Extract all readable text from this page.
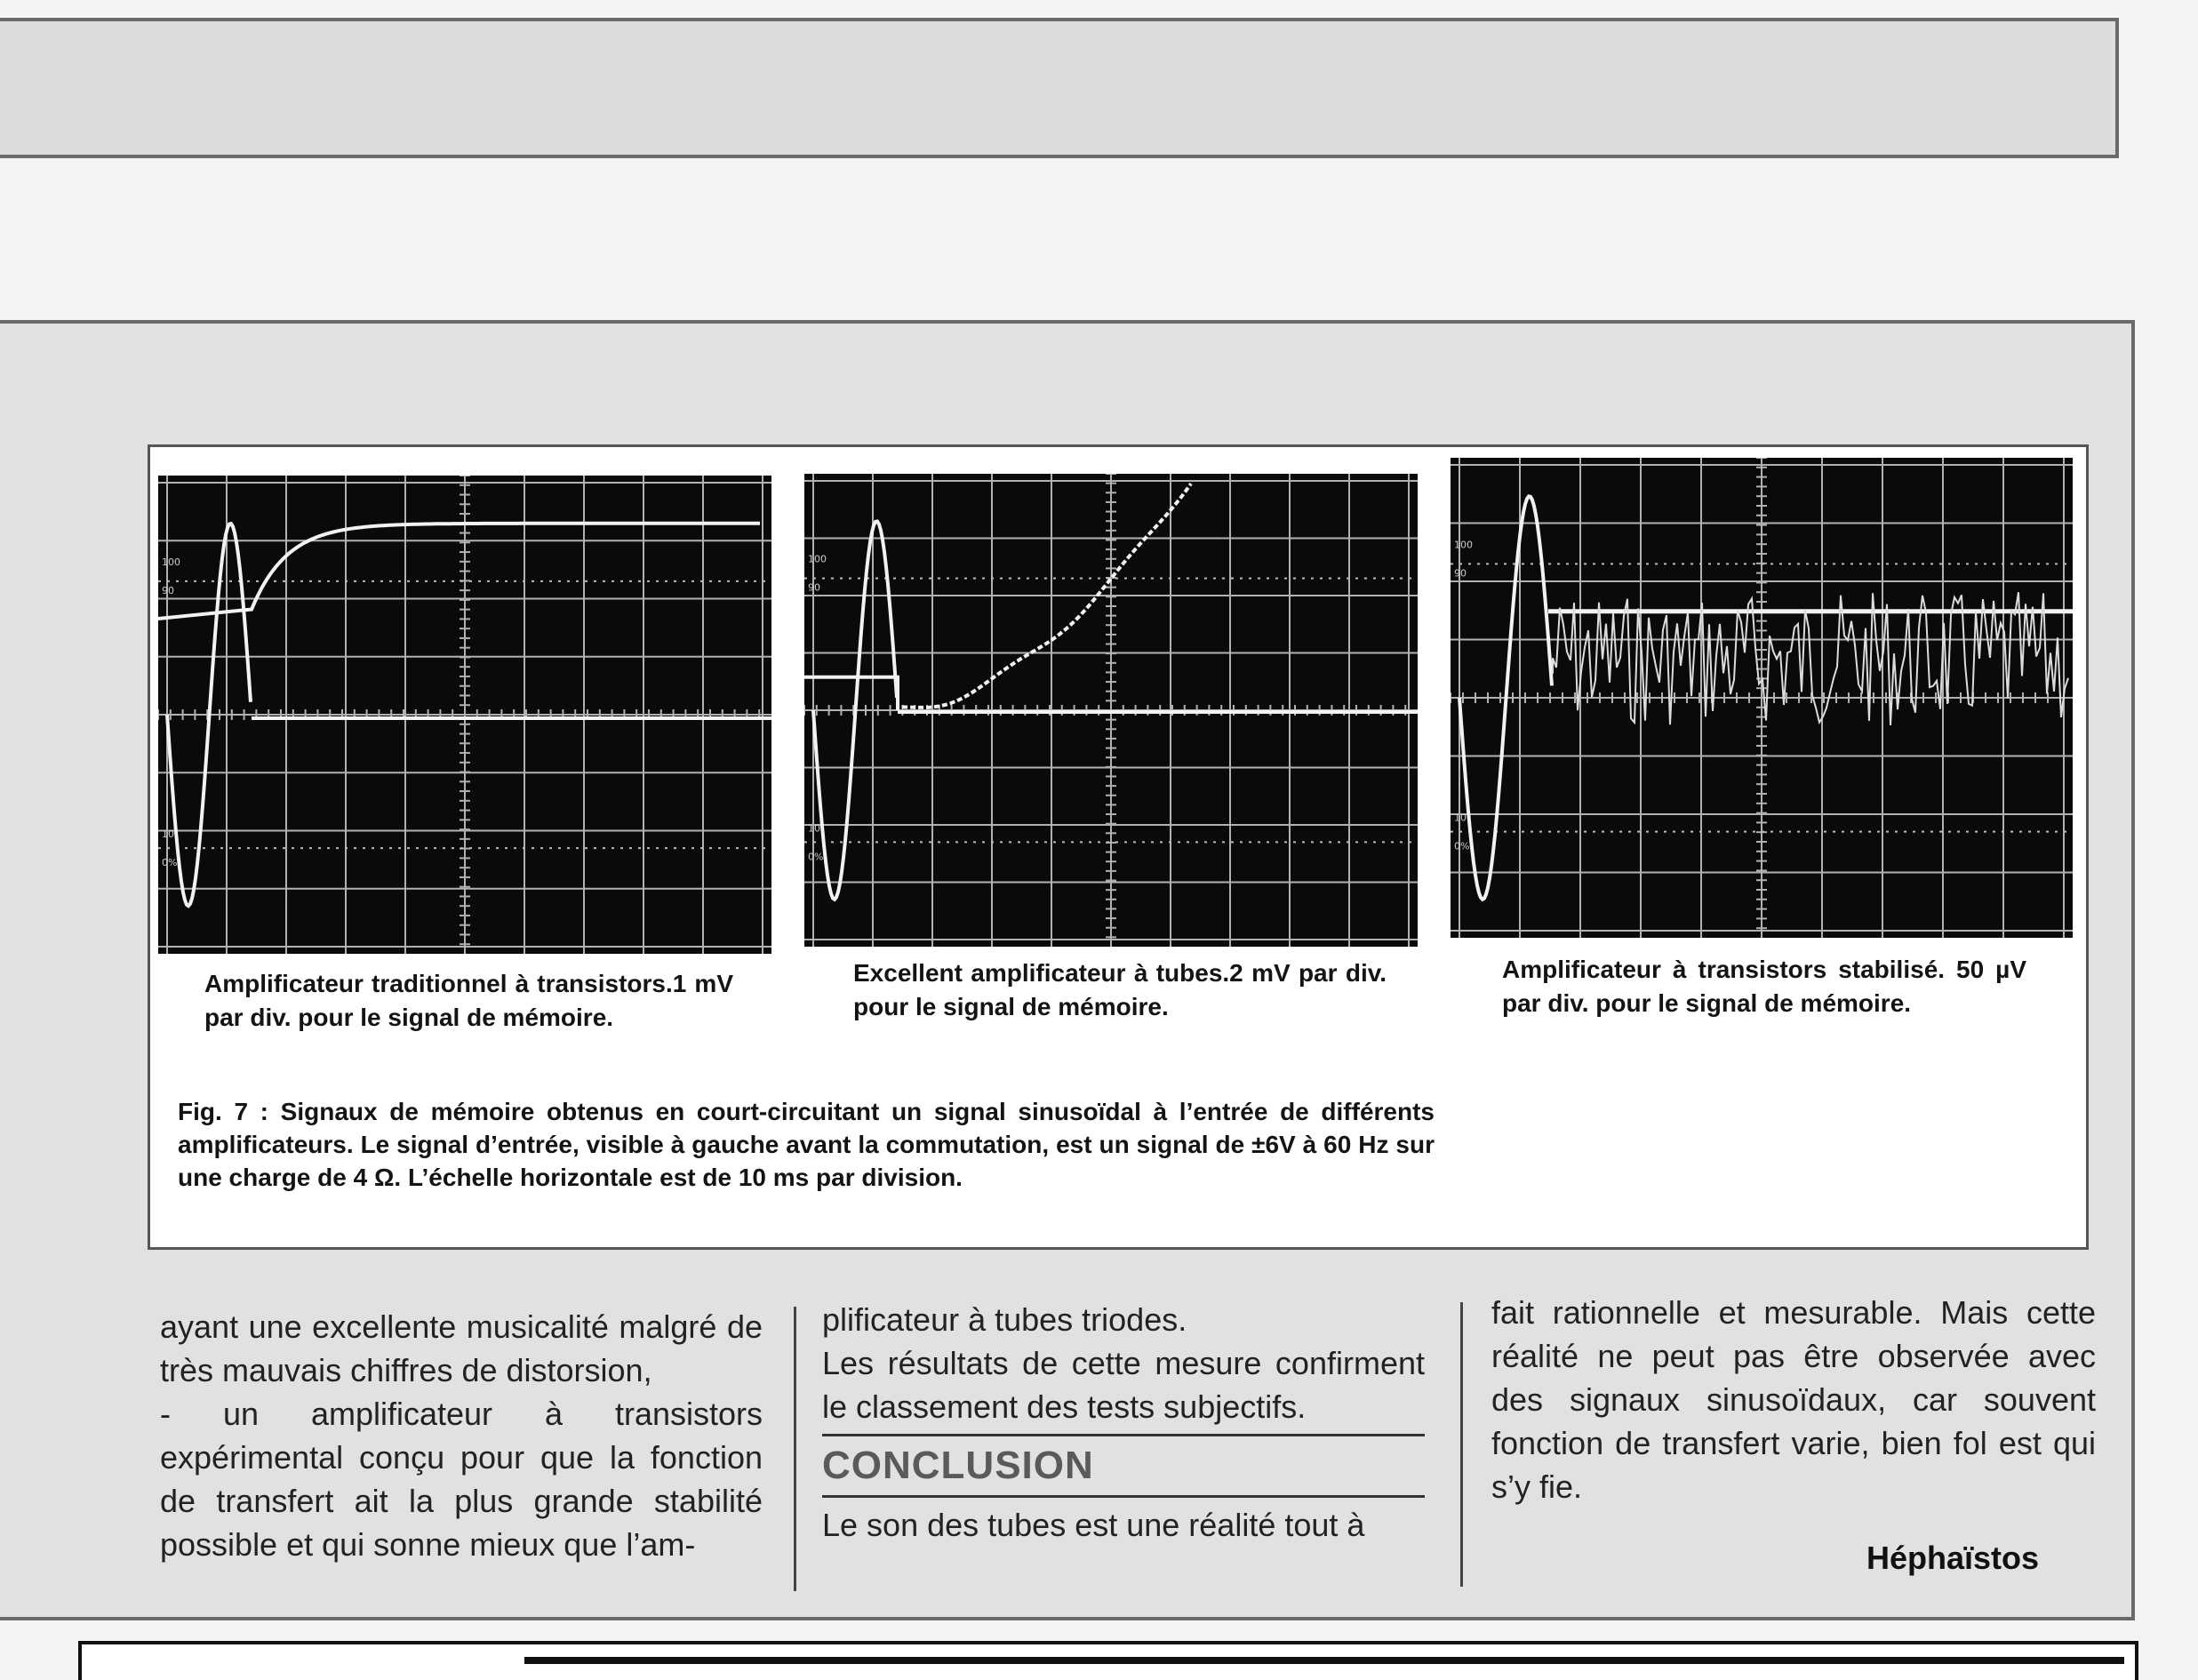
100
90
10
0%
100
90
10
0%
100
90
10
0%
Amplificateur traditionnel à transistors.1 mV par div. pour le signal de mémoire.
Excellent amplificateur à tubes.2 mV par div. pour le signal de mémoire.
Amplificateur à transistors stabilisé. 50 µV par div. pour le signal de mémoire.
Fig. 7 : Signaux de mémoire obtenus en court-circuitant un signal sinusoïdal à l’entrée de différents amplificateurs. Le signal d’entrée, visible à gauche avant la commutation, est un signal de ±6V à 60 Hz sur une charge de 4 Ω. L’échelle horizontale est de 10 ms par division.

ayant une excellente musicalité malgré de très mauvais chiffres de distorsion,

- un amplificateur à transistors expérimental conçu pour que la fonction de transfert ait la plus grande stabilité possible et qui sonne mieux que l’am-

plificateur à tubes triodes.

Les résultats de cette mesure confirment le classement des tests subjectifs.

CONCLUSION

Le son des tubes est une réalité tout à

fait rationnelle et mesurable. Mais cette réalité ne peut pas être observée avec des signaux sinusoïdaux, car souvent fonction de transfert varie, bien fol est qui s’y fie.

Héphaïstos
